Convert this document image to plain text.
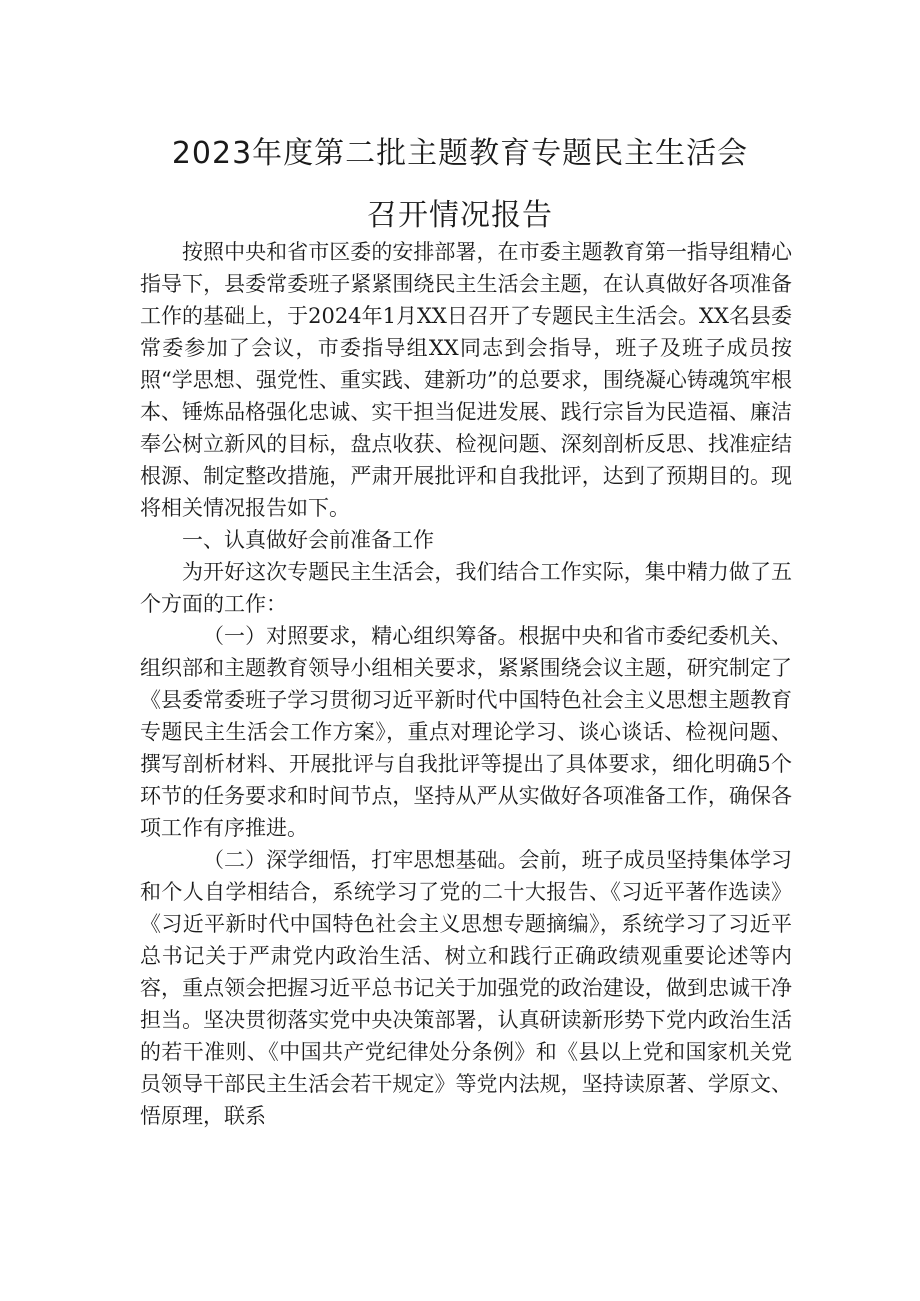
2023年度第二批主题教育专题民主生活会
召开情况报告

按照中央和省市区委的安排部署，在市委主题教育第一指导组精心指导下，县委常委班子紧紧围绕民主生活会主题，在认真做好各项准备工作的基础上，于2024年1月XX日召开了专题民主生活会。XX名县委常委参加了会议，市委指导组XX同志到会指导，班子及班子成员按照“学思想、强党性、重实践、建新功”的总要求，围绕凝心铸魂筑牢根本、锤炼品格强化忠诚、实干担当促进发展、践行宗旨为民造福、廉洁奉公树立新风的目标，盘点收获、检视问题、深刻剖析反思、找准症结根源、制定整改措施，严肃开展批评和自我批评，达到了预期目的。现将相关情况报告如下。

一、认真做好会前准备工作

为开好这次专题民主生活会，我们结合工作实际，集中精力做了五个方面的工作：

（一）对照要求，精心组织筹备。根据中央和省市委纪委机关、组织部和主题教育领导小组相关要求，紧紧围绕会议主题，研究制定了《县委常委班子学习贯彻习近平新时代中国特色社会主义思想主题教育专题民主生活会工作方案》，重点对理论学习、谈心谈话、检视问题、撰写剖析材料、开展批评与自我批评等提出了具体要求，细化明确5个环节的任务要求和时间节点，坚持从严从实做好各项准备工作，确保各项工作有序推进。

（二）深学细悟，打牢思想基础。会前，班子成员坚持集体学习和个人自学相结合，系统学习了党的二十大报告、《习近平著作选读》《习近平新时代中国特色社会主义思想专题摘编》，系统学习了习近平总书记关于严肃党内政治生活、树立和践行正确政绩观重要论述等内容，重点领会把握习近平总书记关于加强党的政治建设，做到忠诚干净担当。坚决贯彻落实党中央决策部署，认真研读新形势下党内政治生活的若干准则、《中国共产党纪律处分条例》和《县以上党和国家机关党员领导干部民主生活会若干规定》等党内法规，坚持读原著、学原文、悟原理，联系
